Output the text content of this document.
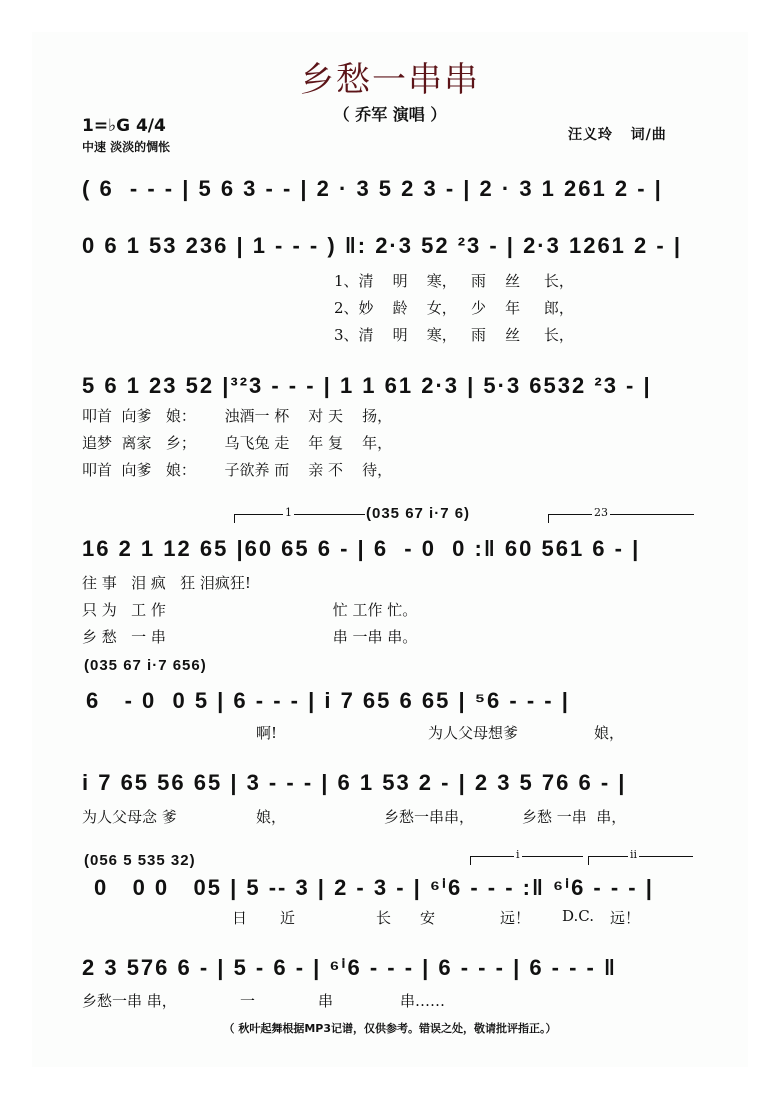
乡愁一串串
（ 乔军 演唱 ）
1=♭G 4/4
中速 淡淡的惆怅
汪义玲   词/曲
( 6  - - - | 5 6 3 - - | 2 · 3 5 2 3 - | 2 · 3 1 261 2 - |
0 6 1 53 236 | 1 - - - ) ‖: 2·3 52 ²3 - | 2·3 1261 2 - |
1、清    明    寒，   雨    丝     长，
2、妙    龄    女，   少    年     郎，
3、清    明    寒，   雨    丝     长，
5 6 1 23 52 |³²3 - - - | 1 1 61 2·3 | 5·3 6532 ²3 - |
叩首  向爹   娘：      浊酒一 杯    对 天    扬，
追梦  离家   乡；      乌飞兔 走    年 复    年，
叩首  向爹   娘：      子欲养 而    亲 不    待，
1	(035 67 i·7 6)	23
16 2 1 12 65 |60 65 6 - | 6  - 0  0 :‖ 60 561 6 - |
往 事   泪 疯   狂 泪疯狂!
只 为   工 作                                   忙 工作 忙。
乡 愁   一 串                                   串 一串 串。
(035 67 i·7 656)
6   - 0  0 5 | 6 - - - | i 7 65 6 65 | ⁵6 - - - |
啊!	为人父母想爹	娘，
i 7 65 56 65 | 3 - - - | 6 1 53 2 - | 2 3 5 76 6 - |
为人父母念 爹	娘，	乡愁一串串，	乡愁 一串  串，
(056 5 535 32)	i	ii
0   0 0   05 | 5 -- 3 | 2 - 3 - | ⁶ⁱ6 - - - :‖ ⁶ⁱ6 - - - |
日 近	长 安	远！ D.C. 远！
2 3 576 6 - | 5 - 6 - | ⁶ⁱ6 - - - | 6 - - - | 6 - - - ‖
乡愁一串 串，	一	串	串……
（ 秋叶起舞根据MP3记谱，仅供参考。错误之处，敬请批评指正。）
